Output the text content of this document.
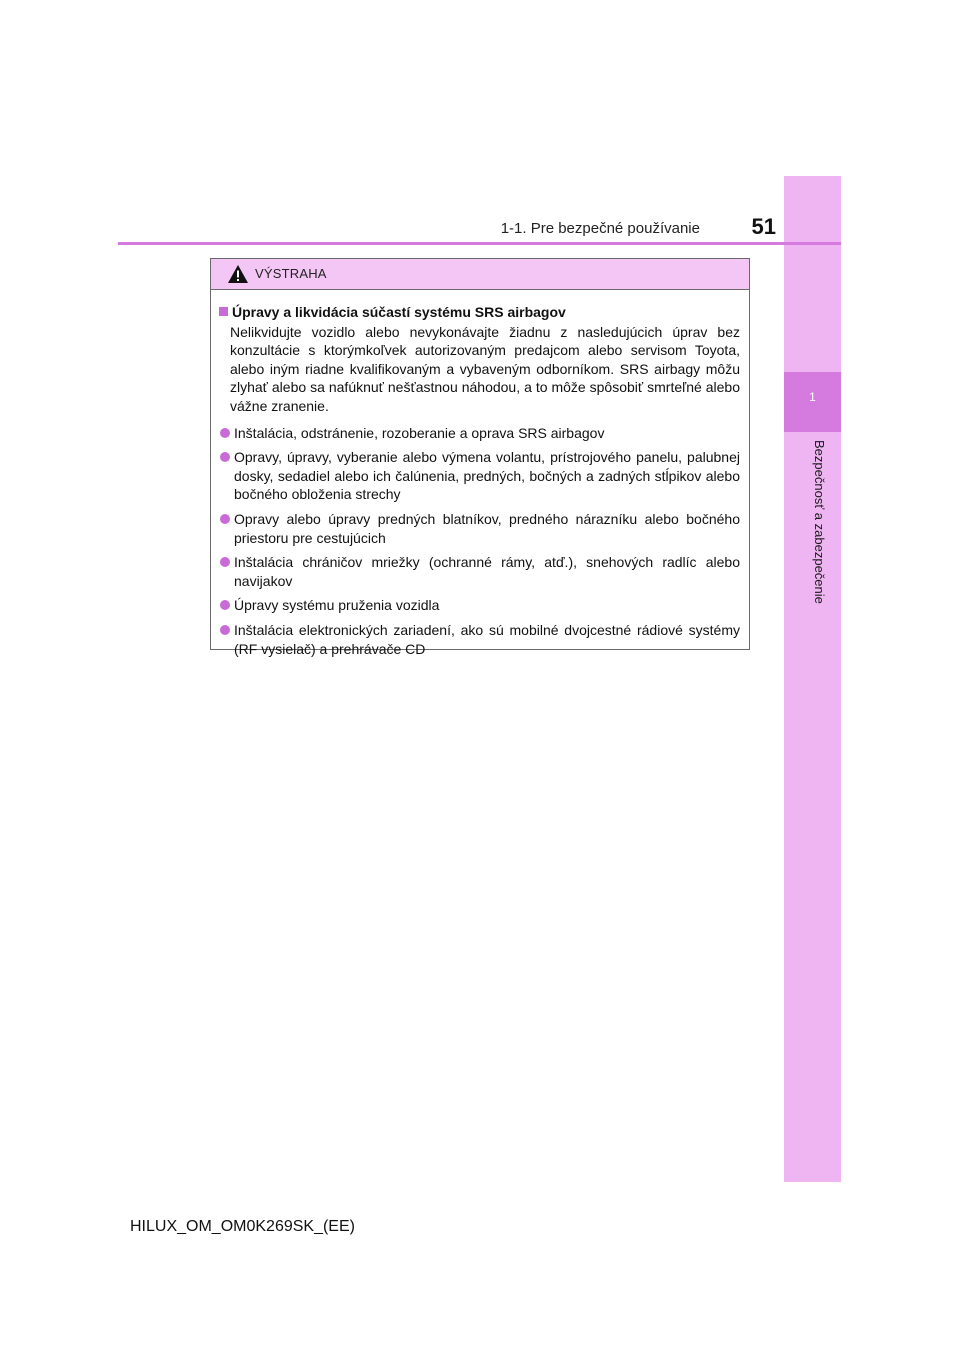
1
Bezpečnosť a zabezpečenie
1-1. Pre bezpečné používanie	51
VÝSTRAHA
Úpravy a likvidácia súčastí systému SRS airbagov
Nelikvidujte vozidlo alebo nevykonávajte žiadnu z nasledujúcich úprav bez konzultácie s ktorýmkoľvek autorizovaným predajcom alebo servisom Toyota, alebo iným riadne kvalifikovaným a vybaveným odborníkom. SRS airbagy môžu zlyhať alebo sa nafúknuť nešťastnou náhodou, a to môže spôsobiť smrteľné alebo vážne zranenie.
Inštalácia, odstránenie, rozoberanie a oprava SRS airbagov
Opravy, úpravy, vyberanie alebo výmena volantu, prístrojového panelu, palubnej dosky, sedadiel alebo ich čalúnenia, predných, bočných a zadných stĺpikov alebo bočného obloženia strechy
Opravy alebo úpravy predných blatníkov, predného nárazníku alebo bočného priestoru pre cestujúcich
Inštalácia chráničov mriežky (ochranné rámy, atď.), snehových radlíc alebo navijakov
Úpravy systému pruženia vozidla
Inštalácia elektronických zariadení, ako sú mobilné dvojcestné rádiové systémy (RF vysielač) a prehrávače CD
HILUX_OM_OM0K269SK_(EE)
